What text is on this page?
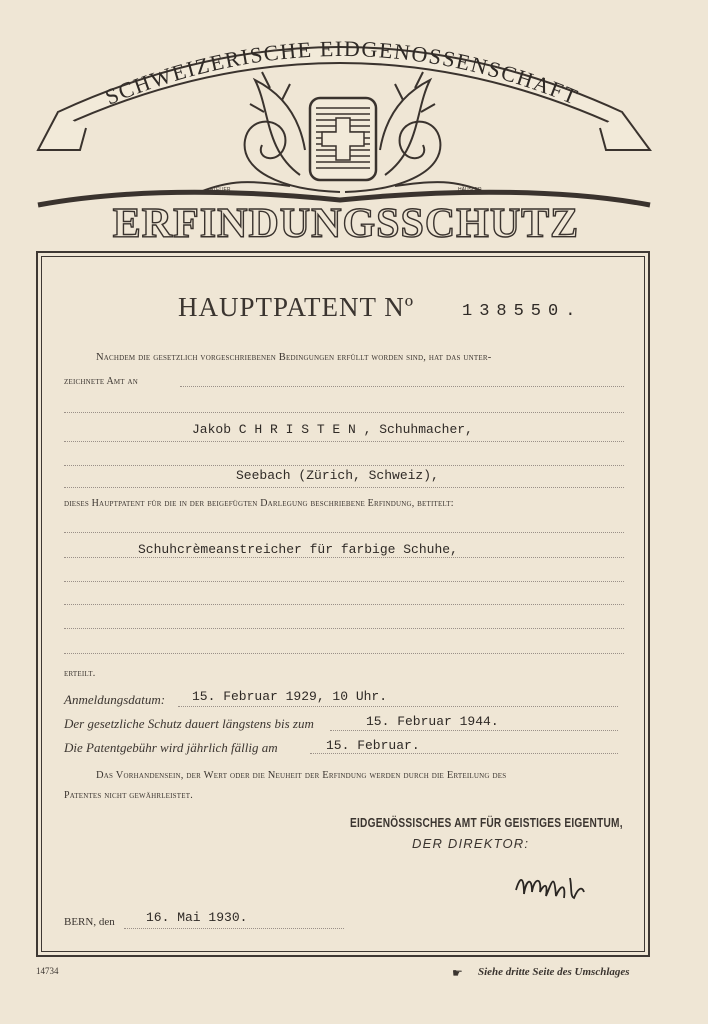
SCHWEIZERISCHE EIDGENOSSENSCHAFT
ATELIER	HÄUSLER
ERFINDUNGSSCHUTZ
HAUPTPATENT Nº	138550.
Nachdem die gesetzlich vorgeschriebenen Bedingungen erfüllt worden sind, hat das unter-
zeichnete Amt an
Jakob C H R I S T E N , Schuhmacher,
Seebach (Zürich, Schweiz),
dieses Hauptpatent für die in der beigefügten Darlegung beschriebene Erfindung, betitelt:
Schuhcrèmeanstreicher für farbige Schuhe,
erteilt.
Anmeldungsdatum: 15. Februar 1929, 10 Uhr.
Der gesetzliche Schutz dauert längstens bis zum	15. Februar 1944.
Die Patentgebühr wird jährlich fällig am	15. Februar.
Das Vorhandensein, der Wert oder die Neuheit der Erfindung werden durch die Erteilung des
Patentes nicht gewährleistet.
EIDGENÖSSISCHES AMT FÜR GEISTIGES EIGENTUM,
DER DIREKTOR:
BERN, den 16. Mai 1930.
14734	☛ Siehe dritte Seite des Umschlages
